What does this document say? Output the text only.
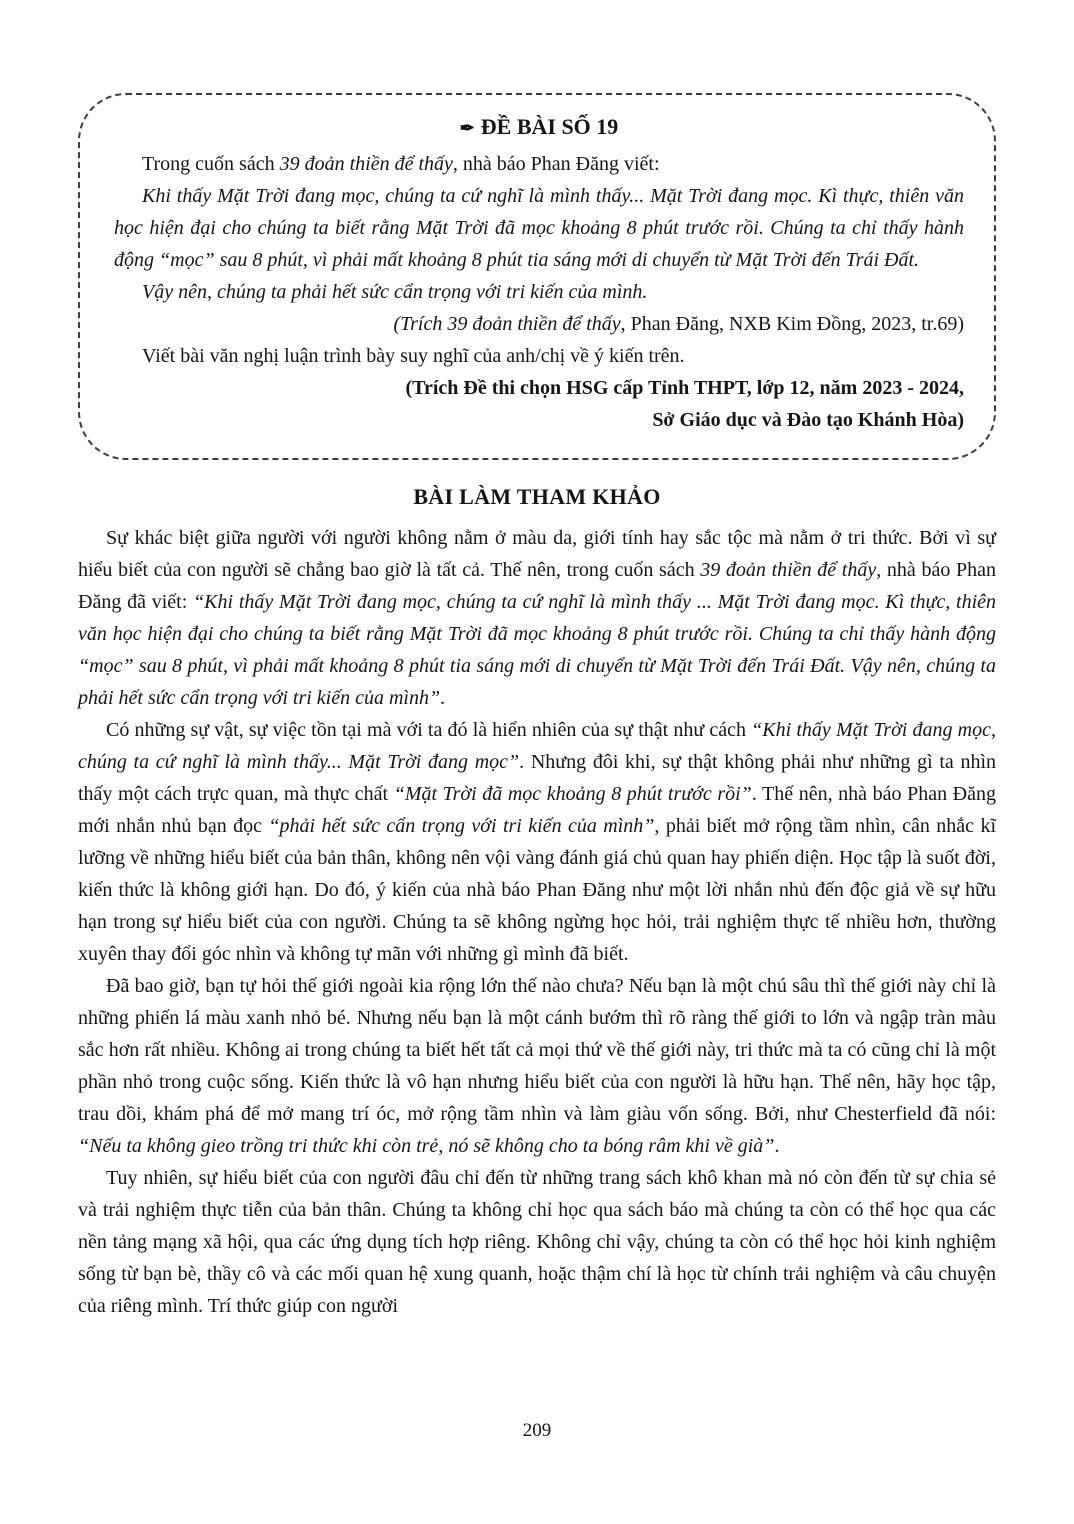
✒ ĐỀ BÀI SỐ 19

Trong cuốn sách 39 đoản thiền để thấy, nhà báo Phan Đăng viết:

Khi thấy Mặt Trời đang mọc, chúng ta cứ nghĩ là mình thấy... Mặt Trời đang mọc. Kì thực, thiên văn học hiện đại cho chúng ta biết rằng Mặt Trời đã mọc khoảng 8 phút trước rồi. Chúng ta chỉ thấy hành động “mọc” sau 8 phút, vì phải mất khoảng 8 phút tia sáng mới di chuyển từ Mặt Trời đến Trái Đất.

Vậy nên, chúng ta phải hết sức cẩn trọng với tri kiến của mình.

(Trích 39 đoản thiền để thấy, Phan Đăng, NXB Kim Đồng, 2023, tr.69)

Viết bài văn nghị luận trình bày suy nghĩ của anh/chị về ý kiến trên.

(Trích Đề thi chọn HSG cấp Tỉnh THPT, lớp 12, năm 2023 - 2024,

Sở Giáo dục và Đào tạo Khánh Hòa)

BÀI LÀM THAM KHẢO

Sự khác biệt giữa người với người không nằm ở màu da, giới tính hay sắc tộc mà nằm ở tri thức. Bởi vì sự hiểu biết của con người sẽ chẳng bao giờ là tất cả. Thế nên, trong cuốn sách 39 đoản thiền để thấy, nhà báo Phan Đăng đã viết: “Khi thấy Mặt Trời đang mọc, chúng ta cứ nghĩ là mình thấy ... Mặt Trời đang mọc. Kì thực, thiên văn học hiện đại cho chúng ta biết rằng Mặt Trời đã mọc khoảng 8 phút trước rồi. Chúng ta chỉ thấy hành động “mọc” sau 8 phút, vì phải mất khoảng 8 phút tia sáng mới di chuyển từ Mặt Trời đến Trái Đất. Vậy nên, chúng ta phải hết sức cẩn trọng với tri kiến của mình”.

Có những sự vật, sự việc tồn tại mà với ta đó là hiển nhiên của sự thật như cách “Khi thấy Mặt Trời đang mọc, chúng ta cứ nghĩ là mình thấy... Mặt Trời đang mọc”. Nhưng đôi khi, sự thật không phải như những gì ta nhìn thấy một cách trực quan, mà thực chất “Mặt Trời đã mọc khoảng 8 phút trước rồi”. Thế nên, nhà báo Phan Đăng mới nhắn nhủ bạn đọc “phải hết sức cẩn trọng với tri kiến của mình”, phải biết mở rộng tầm nhìn, cân nhắc kĩ lưỡng về những hiểu biết của bản thân, không nên vội vàng đánh giá chủ quan hay phiến diện. Học tập là suốt đời, kiến thức là không giới hạn. Do đó, ý kiến của nhà báo Phan Đăng như một lời nhắn nhủ đến độc giả về sự hữu hạn trong sự hiểu biết của con người. Chúng ta sẽ không ngừng học hỏi, trải nghiệm thực tế nhiều hơn, thường xuyên thay đổi góc nhìn và không tự mãn với những gì mình đã biết.

Đã bao giờ, bạn tự hỏi thế giới ngoài kia rộng lớn thế nào chưa? Nếu bạn là một chú sâu thì thế giới này chỉ là những phiến lá màu xanh nhỏ bé. Nhưng nếu bạn là một cánh bướm thì rõ ràng thế giới to lớn và ngập tràn màu sắc hơn rất nhiều. Không ai trong chúng ta biết hết tất cả mọi thứ về thế giới này, tri thức mà ta có cũng chỉ là một phần nhỏ trong cuộc sống. Kiến thức là vô hạn nhưng hiểu biết của con người là hữu hạn. Thế nên, hãy học tập, trau dồi, khám phá để mở mang trí óc, mở rộng tầm nhìn và làm giàu vốn sống. Bởi, như Chesterfield đã nói: “Nếu ta không gieo trồng tri thức khi còn trẻ, nó sẽ không cho ta bóng râm khi về già”.

Tuy nhiên, sự hiểu biết của con người đâu chỉ đến từ những trang sách khô khan mà nó còn đến từ sự chia sẻ và trải nghiệm thực tiễn của bản thân. Chúng ta không chỉ học qua sách báo mà chúng ta còn có thể học qua các nền tảng mạng xã hội, qua các ứng dụng tích hợp riêng. Không chỉ vậy, chúng ta còn có thể học hỏi kinh nghiệm sống từ bạn bè, thầy cô và các mối quan hệ xung quanh, hoặc thậm chí là học từ chính trải nghiệm và câu chuyện của riêng mình. Trí thức giúp con người

209
